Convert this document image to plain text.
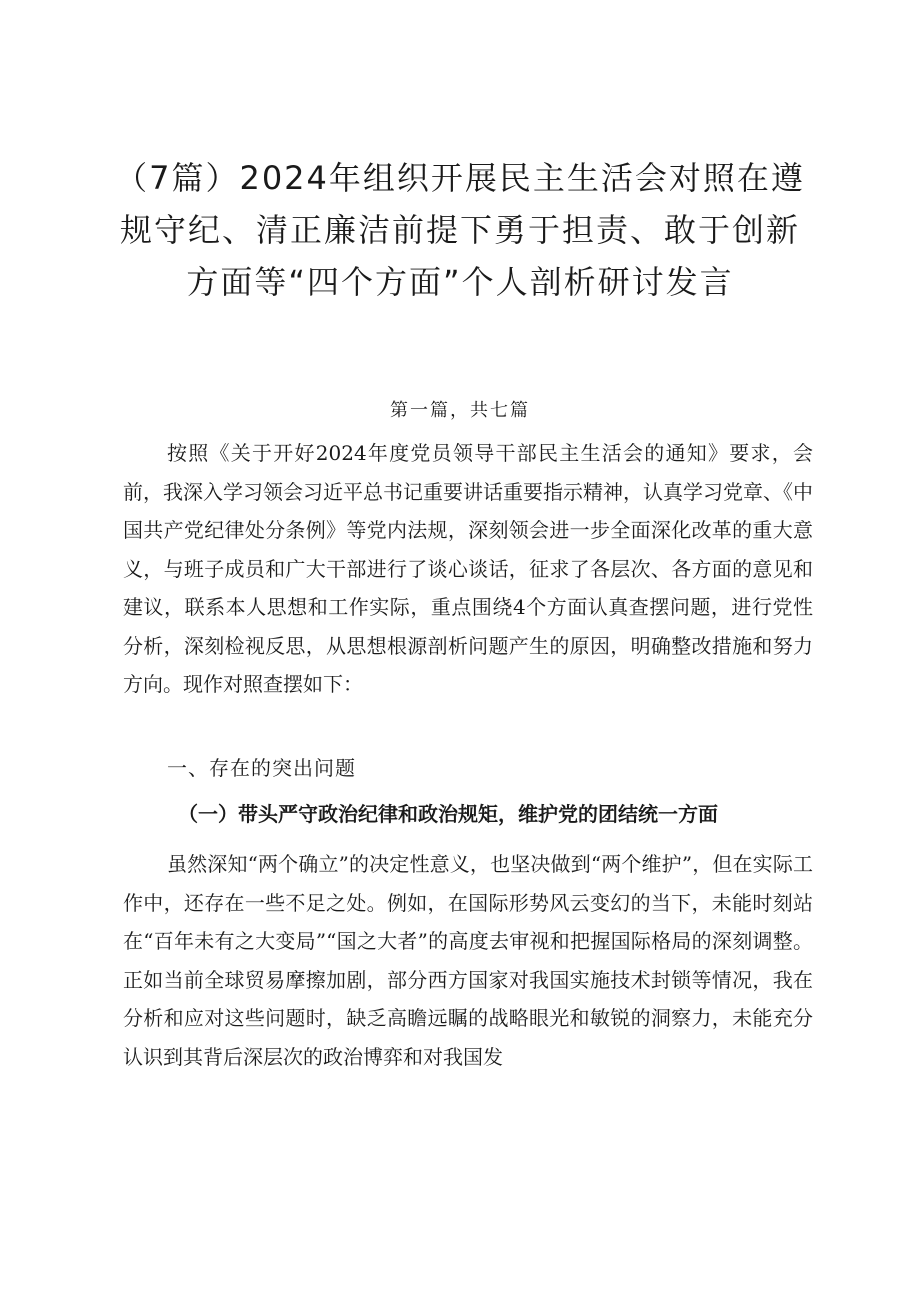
（7篇）2024年组织开展民主生活会对照在遵
规守纪、清正廉洁前提下勇于担责、敢于创新
方面等“四个方面”个人剖析研讨发言

第一篇，共七篇

按照《关于开好2024年度党员领导干部民主生活会的通知》要求，会前，我深入学习领会习近平总书记重要讲话重要指示精神，认真学习党章、《中国共产党纪律处分条例》等党内法规，深刻领会进一步全面深化改革的重大意义，与班子成员和广大干部进行了谈心谈话，征求了各层次、各方面的意见和建议，联系本人思想和工作实际，重点围绕4个方面认真查摆问题，进行党性分析，深刻检视反思，从思想根源剖析问题产生的原因，明确整改措施和努力方向。现作对照查摆如下：

一、存在的突出问题
（一）带头严守政治纪律和政治规矩，维护党的团结统一方面

虽然深知“两个确立”的决定性意义，也坚决做到“两个维护”，但在实际工作中，还存在一些不足之处。例如，在国际形势风云变幻的当下，未能时刻站在“百年未有之大变局”“国之大者”的高度去审视和把握国际格局的深刻调整。正如当前全球贸易摩擦加剧，部分西方国家对我国实施技术封锁等情况，我在分析和应对这些问题时，缺乏高瞻远瞩的战略眼光和敏锐的洞察力，未能充分认识到其背后深层次的政治博弈和对我国发
